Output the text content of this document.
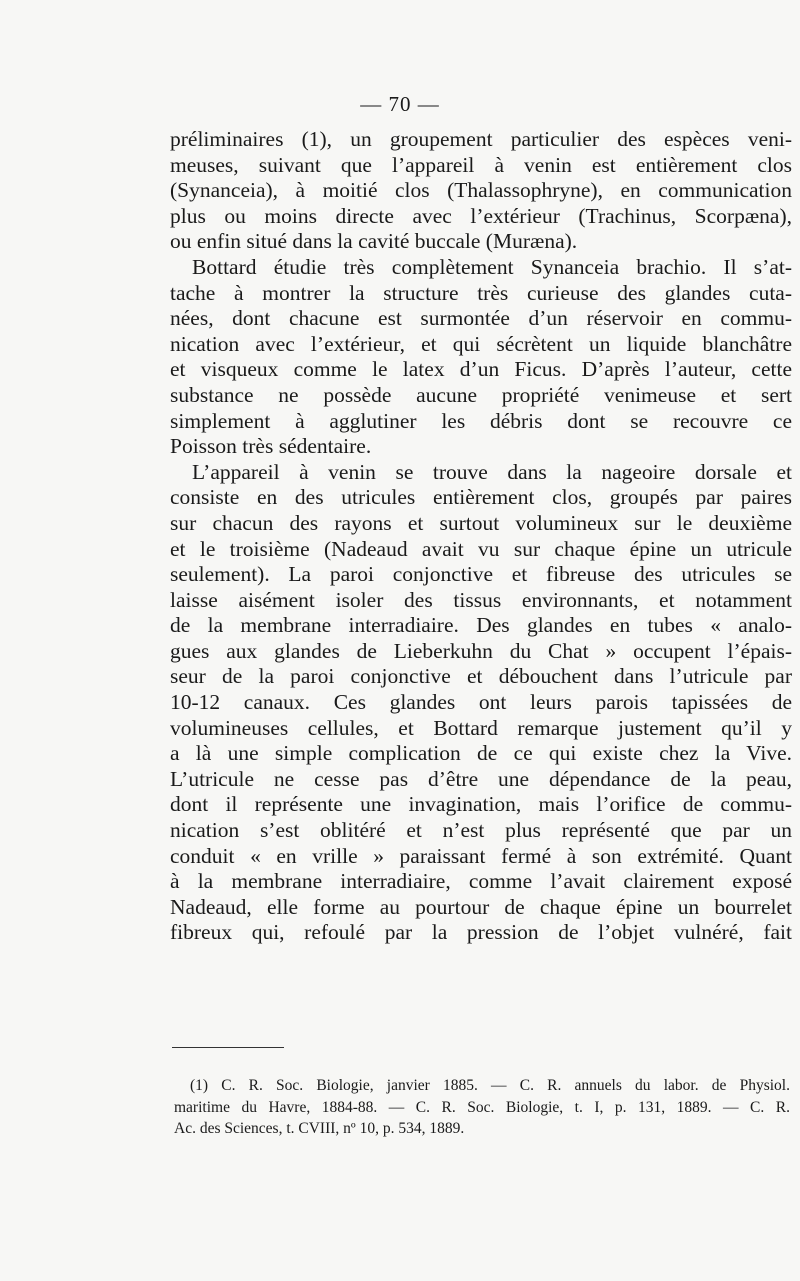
— 70 —
préliminaires (1), un groupement particulier des espèces veni-
meuses, suivant que l’appareil à venin est entièrement clos
(Synanceia), à moitié clos (Thalassophryne), en communication
plus ou moins directe avec l’extérieur (Trachinus, Scorpæna),
ou enfin situé dans la cavité buccale (Muræna).
Bottard étudie très complètement Synanceia brachio. Il s’at-
tache à montrer la structure très curieuse des glandes cuta-
nées, dont chacune est surmontée d’un réservoir en commu-
nication avec l’extérieur, et qui sécrètent un liquide blanchâtre
et visqueux comme le latex d’un Ficus. D’après l’auteur, cette
substance ne possède aucune propriété venimeuse et sert
simplement à agglutiner les débris dont se recouvre ce
Poisson très sédentaire.
L’appareil à venin se trouve dans la nageoire dorsale et
consiste en des utricules entièrement clos, groupés par paires
sur chacun des rayons et surtout volumineux sur le deuxième
et le troisième (Nadeaud avait vu sur chaque épine un utricule
seulement). La paroi conjonctive et fibreuse des utricules se
laisse aisément isoler des tissus environnants, et notamment
de la membrane interradiaire. Des glandes en tubes « analo-
gues aux glandes de Lieberkuhn du Chat » occupent l’épais-
seur de la paroi conjonctive et débouchent dans l’utricule par
10-12 canaux. Ces glandes ont leurs parois tapissées de
volumineuses cellules, et Bottard remarque justement qu’il y
a là une simple complication de ce qui existe chez la Vive.
L’utricule ne cesse pas d’être une dépendance de la peau,
dont il représente une invagination, mais l’orifice de commu-
nication s’est oblitéré et n’est plus représenté que par un
conduit « en vrille » paraissant fermé à son extrémité. Quant
à la membrane interradiaire, comme l’avait clairement exposé
Nadeaud, elle forme au pourtour de chaque épine un bourrelet
fibreux qui, refoulé par la pression de l’objet vulnéré, fait
(1) C. R. Soc. Biologie, janvier 1885. — C. R. annuels du labor. de Physiol.
maritime du Havre, 1884-88. — C. R. Soc. Biologie, t. I, p. 131, 1889. — C. R.
Ac. des Sciences, t. CVIII, nº 10, p. 534, 1889.
